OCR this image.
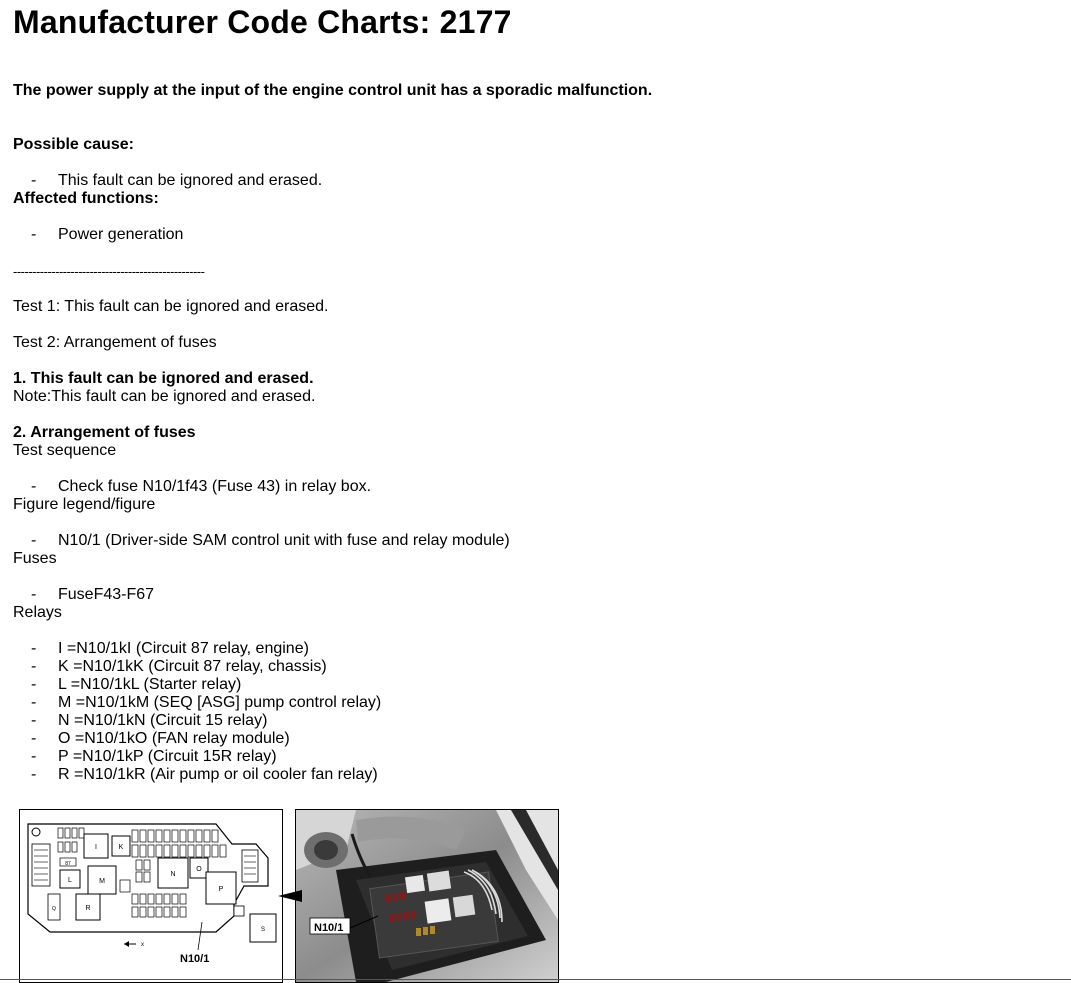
Manufacturer Code Charts: 2177
The power supply at the input of the engine control unit has a sporadic malfunction.
Possible cause:
- This fault can be ignored and erased.
Affected functions:
- Power generation
--------------------------------------------------
Test 1: This fault can be ignored and erased.
Test 2: Arrangement of fuses
1. This fault can be ignored and erased.
Note:This fault can be ignored and erased.
2. Arrangement of fuses
Test sequence
- Check fuse N10/1f43 (Fuse 43) in relay box.
Figure legend/figure
- N10/1 (Driver-side SAM control unit with fuse and relay module)
Fuses
- FuseF43-F67
Relays
- I =N10/1kI (Circuit 87 relay, engine)
- K =N10/1kK (Circuit 87 relay, chassis)
- L =N10/1kL (Starter relay)
- M =N10/1kM (SEQ [ASG] pump control relay)
- N =N10/1kN (Circuit 15 relay)
- O =N10/1kO (FAN relay module)
- P =N10/1kP (Circuit 15R relay)
- R =N10/1kR (Air pump or oil cooler fan relay)
I	K
87
L	M
N
O
P
Q	R
S
x
N10/1
N10/1
